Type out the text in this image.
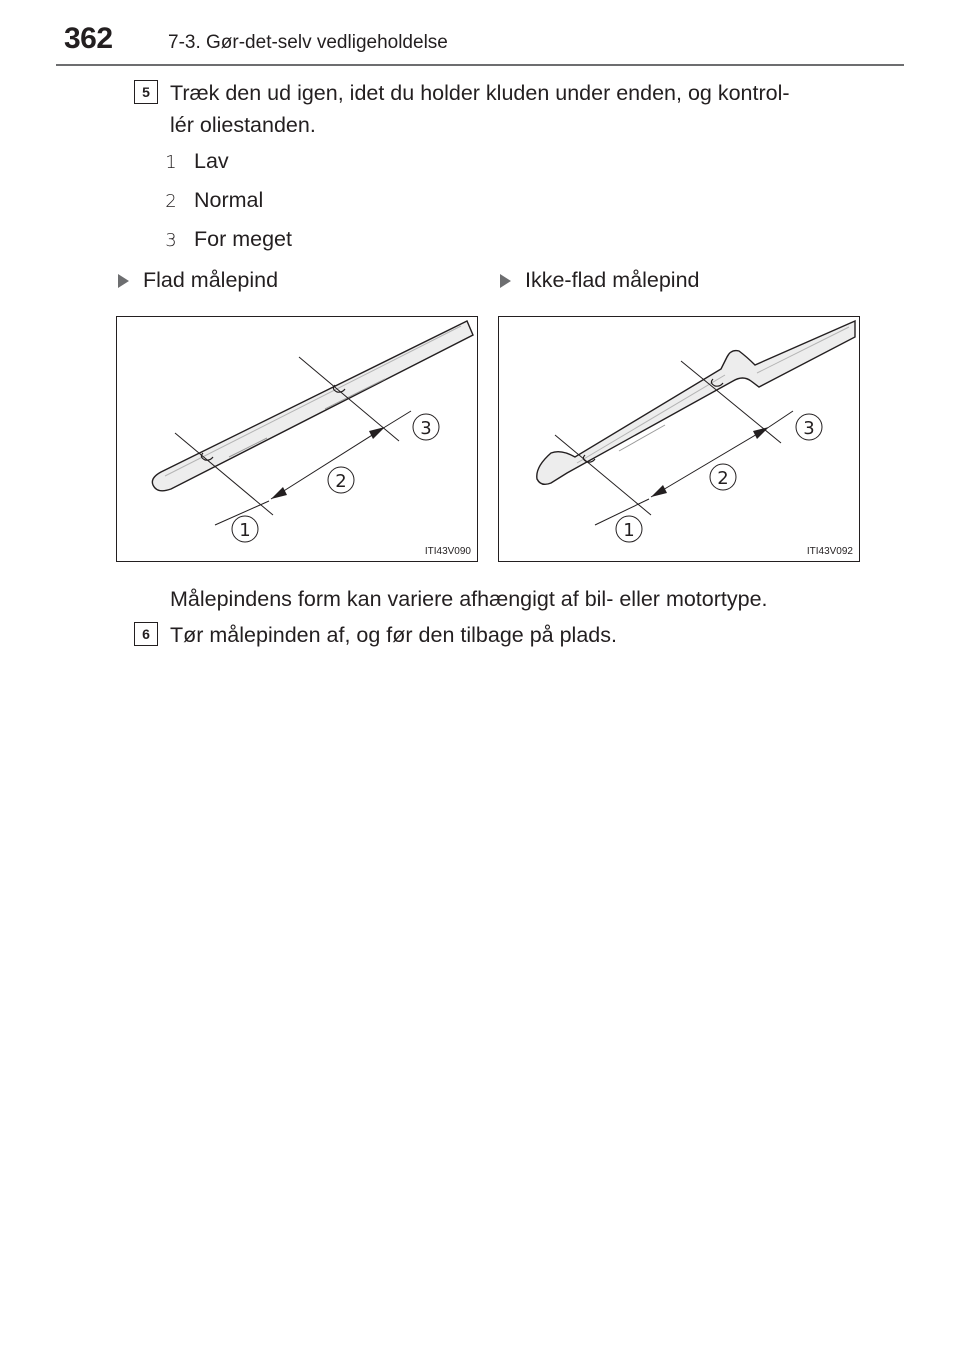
362	7-3. Gør-det-selv vedligeholdelse
5 Træk den ud igen, idet du holder kluden under enden, og kontrol-
lér oliestanden.
1 Lav
2 Normal
3 For meget
Flad målepind	Ikke-flad målepind
1
2
3
ITI43V090
1
2
3
ITI43V092
Målepindens form kan variere afhængigt af bil- eller motortype.
6 Tør målepinden af, og før den tilbage på plads.
